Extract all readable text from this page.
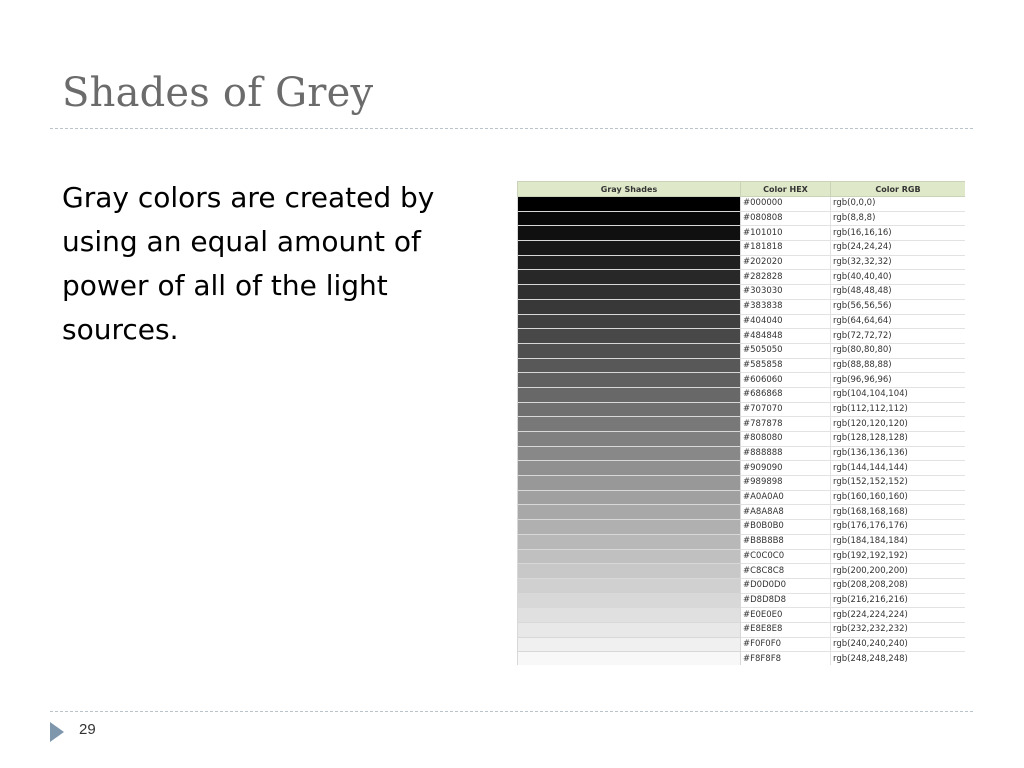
Shades of Grey
Gray colors are created by using an equal amount of power of all of the light sources.
Gray Shades	Color HEX	Color RGB
	#000000	rgb(0,0,0)
	#080808	rgb(8,8,8)
	#101010	rgb(16,16,16)
	#181818	rgb(24,24,24)
	#202020	rgb(32,32,32)
	#282828	rgb(40,40,40)
	#303030	rgb(48,48,48)
	#383838	rgb(56,56,56)
	#404040	rgb(64,64,64)
	#484848	rgb(72,72,72)
	#505050	rgb(80,80,80)
	#585858	rgb(88,88,88)
	#606060	rgb(96,96,96)
	#686868	rgb(104,104,104)
	#707070	rgb(112,112,112)
	#787878	rgb(120,120,120)
	#808080	rgb(128,128,128)
	#888888	rgb(136,136,136)
	#909090	rgb(144,144,144)
	#989898	rgb(152,152,152)
	#A0A0A0	rgb(160,160,160)
	#A8A8A8	rgb(168,168,168)
	#B0B0B0	rgb(176,176,176)
	#B8B8B8	rgb(184,184,184)
	#C0C0C0	rgb(192,192,192)
	#C8C8C8	rgb(200,200,200)
	#D0D0D0	rgb(208,208,208)
	#D8D8D8	rgb(216,216,216)
	#E0E0E0	rgb(224,224,224)
	#E8E8E8	rgb(232,232,232)
	#F0F0F0	rgb(240,240,240)
	#F8F8F8	rgb(248,248,248)
29
